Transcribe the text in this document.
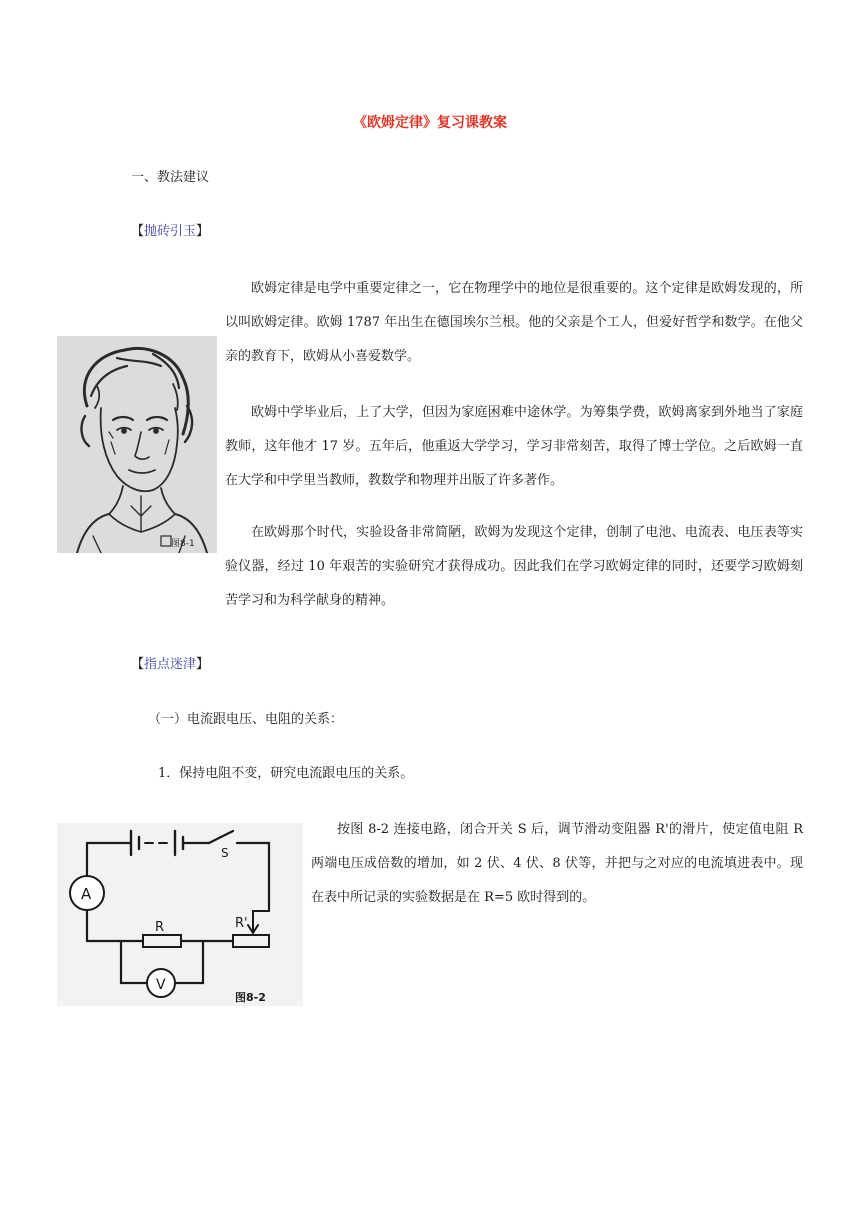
《欧姆定律》复习课教案
一、教法建议
【抛砖引玉】
图8-1

欧姆定律是电学中重要定律之一，它在物理学中的地位是很重要的。这个定律是欧姆发现的，所以叫欧姆定律。欧姆 1787 年出生在德国埃尔兰根。他的父亲是个工人，但爱好哲学和数学。在他父亲的教育下，欧姆从小喜爱数学。

欧姆中学毕业后，上了大学，但因为家庭困难中途休学。为筹集学费，欧姆离家到外地当了家庭教师，这年他才 17 岁。五年后，他重返大学学习，学习非常刻苦，取得了博士学位。之后欧姆一直在大学和中学里当教师，教数学和物理并出版了许多著作。

在欧姆那个时代，实验设备非常简陋，欧姆为发现这个定律，创制了电池、电流表、电压表等实验仪器，经过 10 年艰苦的实验研究才获得成功。因此我们在学习欧姆定律的同时，还要学习欧姆刻苦学习和为科学献身的精神。

【指点迷津】
（一）电流跟电压、电阻的关系：
1．保持电阻不变，研究电流跟电压的关系。
A
V
R	R'
S
图8-2

按图 8-2 连接电路，闭合开关 S 后，调节滑动变阻器 R'的滑片，使定值电阻 R 两端电压成倍数的增加，如 2 伏、4 伏、8 伏等，并把与之对应的电流填进表中。现在表中所记录的实验数据是在 R=5 欧时得到的。
